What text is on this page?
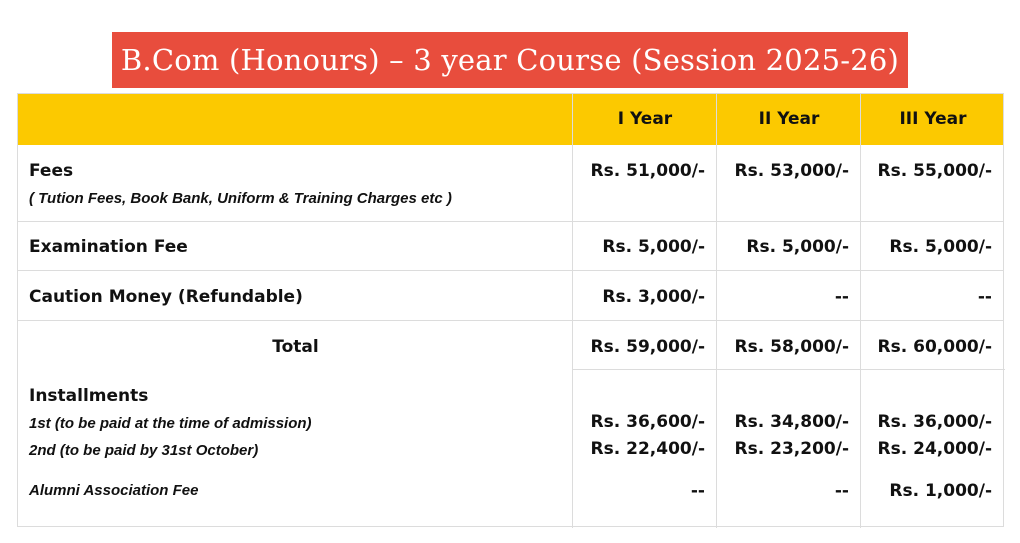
B.Com (Honours) – 3 year Course (Session 2025-26)
I Year	II Year	III Year
Fees
( Tution Fees, Book Bank, Uniform & Training Charges etc )
Rs. 51,000/- Rs. 53,000/- Rs. 55,000/-
Examination Fee	Rs. 5,000/- Rs. 5,000/- Rs. 5,000/-
Caution Money (Refundable)	Rs. 3,000/-	--	--
Total	Rs. 59,000/- Rs. 58,000/- Rs. 60,000/-
Installments
1st (to be paid at the time of admission)	Rs. 36,600/- Rs. 34,800/- Rs. 36,000/-
2nd (to be paid by 31st October)	Rs. 22,400/- Rs. 23,200/- Rs. 24,000/-
Alumni Association Fee	--	-- Rs. 1,000/-
